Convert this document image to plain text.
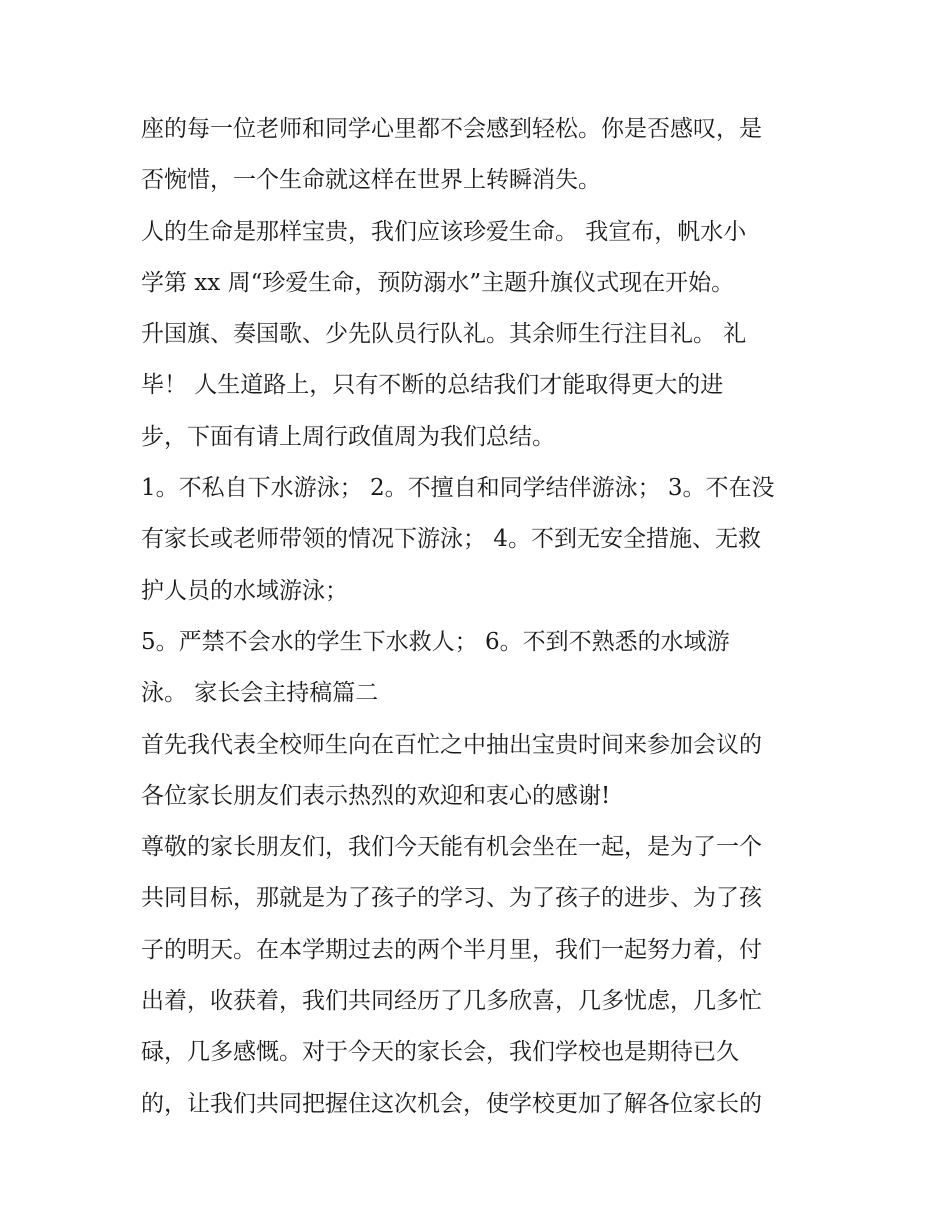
座的每一位老师和同学心里都不会感到轻松。你是否感叹，是
否惋惜，一个生命就这样在世界上转瞬消失。
人的生命是那样宝贵，我们应该珍爱生命。 我宣布，帆水小
学第 xx 周“珍爱生命，预防溺水”主题升旗仪式现在开始。
升国旗、奏国歌、少先队员行队礼。其余师生行注目礼。 礼
毕！ 人生道路上，只有不断的总结我们才能取得更大的进
步，下面有请上周行政值周为我们总结。
1。不私自下水游泳； 2。不擅自和同学结伴游泳； 3。不在没
有家长或老师带领的情况下游泳； 4。不到无安全措施、无救
护人员的水域游泳；
5。严禁不会水的学生下水救人； 6。不到不熟悉的水域游
泳。 家长会主持稿篇二
首先我代表全校师生向在百忙之中抽出宝贵时间来参加会议的
各位家长朋友们表示热烈的欢迎和衷心的感谢!
尊敬的家长朋友们，我们今天能有机会坐在一起，是为了一个
共同目标，那就是为了孩子的学习、为了孩子的进步、为了孩
子的明天。在本学期过去的两个半月里，我们一起努力着，付
出着，收获着，我们共同经历了几多欣喜，几多忧虑，几多忙
碌，几多感慨。对于今天的家长会，我们学校也是期待已久
的，让我们共同把握住这次机会，使学校更加了解各位家长的
